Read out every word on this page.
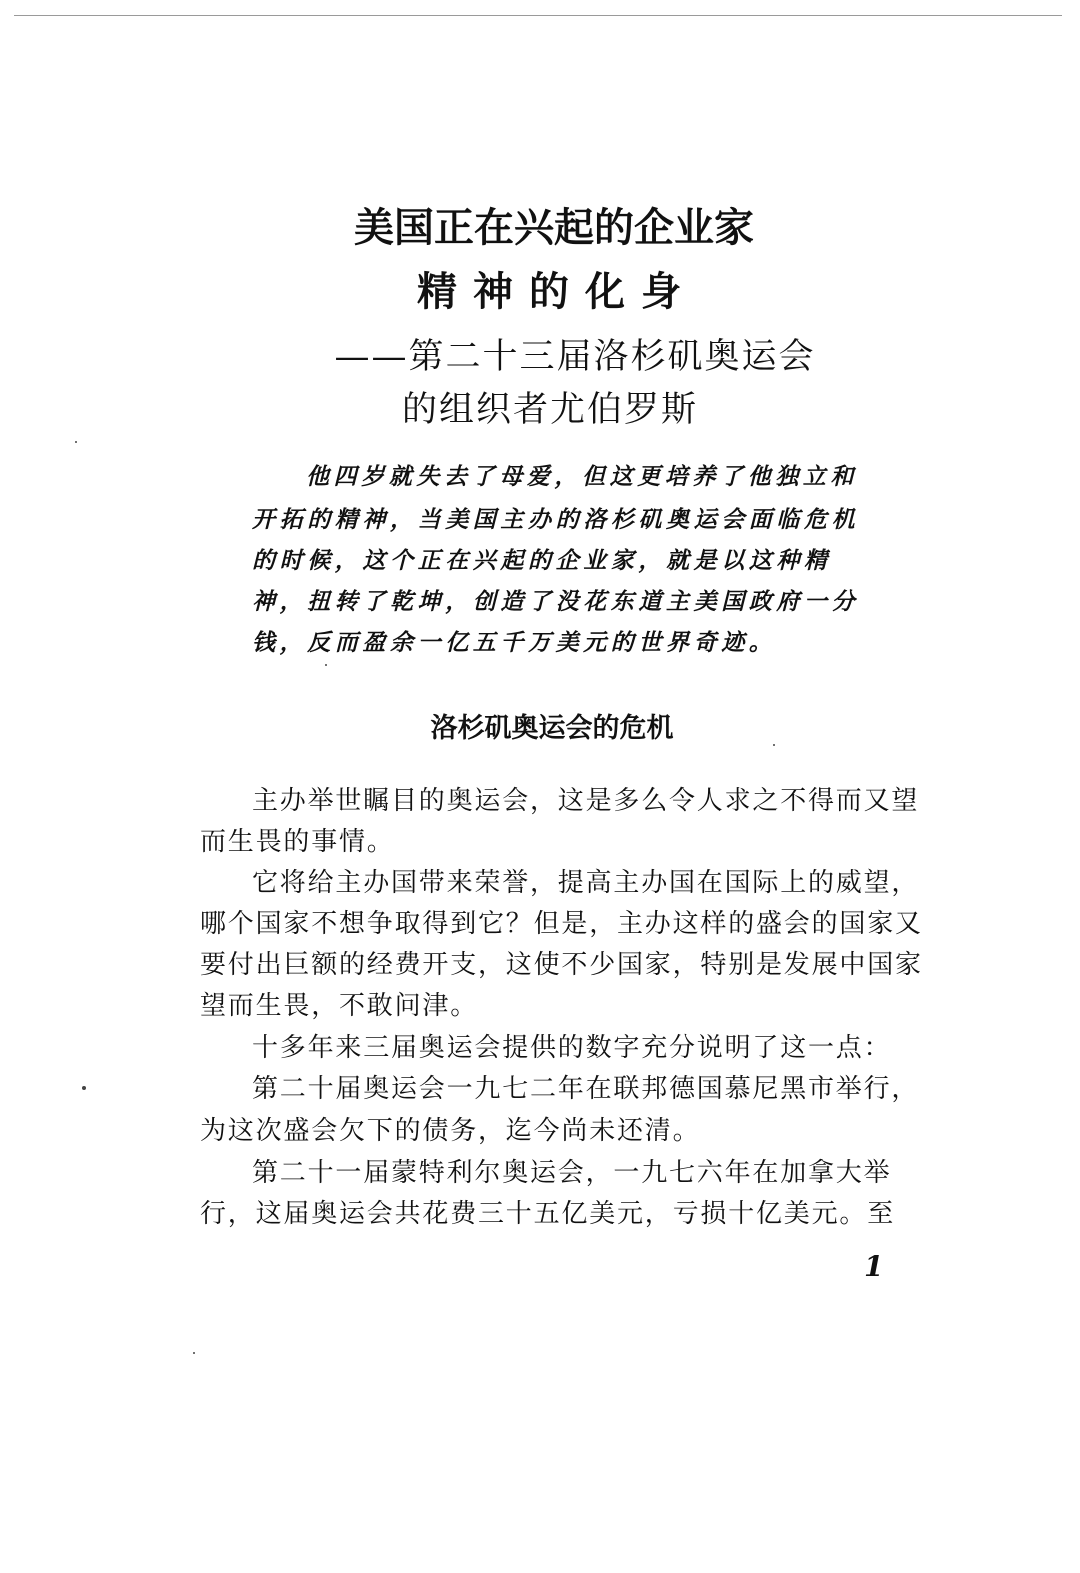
美国正在兴起的企业家
精神的化身
——第二十三届洛杉矶奥运会
的组织者尤伯罗斯
他四岁就失去了母爱，但这更培养了他独立和
开拓的精神，当美国主办的洛杉矶奥运会面临危机
的时候，这个正在兴起的企业家，就是以这种精
神，扭转了乾坤，创造了没花东道主美国政府一分
钱，反而盈余一亿五千万美元的世界奇迹。
洛杉矶奥运会的危机
主办举世瞩目的奥运会，这是多么令人求之不得而又望
而生畏的事情。
它将给主办国带来荣誉，提高主办国在国际上的威望，
哪个国家不想争取得到它？但是，主办这样的盛会的国家又
要付出巨额的经费开支，这使不少国家，特别是发展中国家
望而生畏，不敢问津。
十多年来三届奥运会提供的数字充分说明了这一点：
第二十届奥运会一九七二年在联邦德国慕尼黑市举行，
为这次盛会欠下的债务，迄今尚未还清。
第二十一届蒙特利尔奥运会，一九七六年在加拿大举
行，这届奥运会共花费三十五亿美元，亏损十亿美元。至
1
